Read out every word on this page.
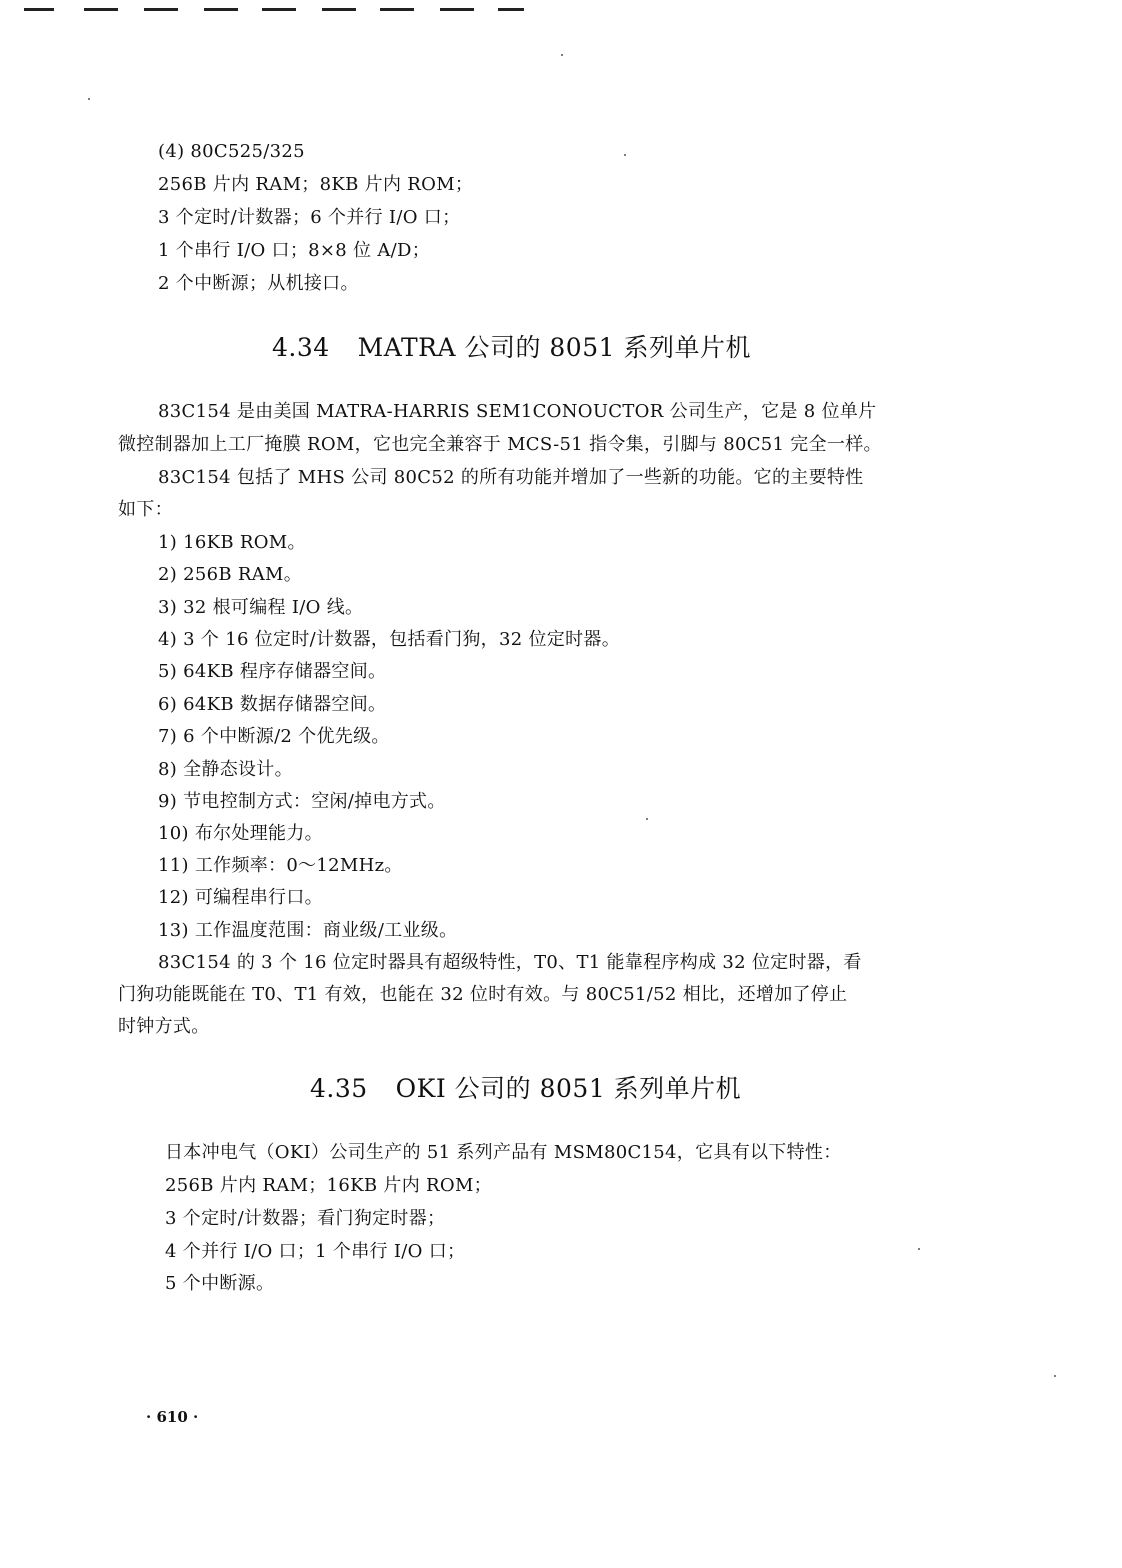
(4) 80C525/325
256B 片内 RAM；8KB 片内 ROM；
3 个定时/计数器；6 个并行 I/O 口；
1 个串行 I/O 口；8×8 位 A/D；
2 个中断源；从机接口。
4.34 MATRA 公司的 8051 系列单片机
83C154 是由美国 MATRA-HARRIS SEM1CONOUCTOR 公司生产，它是 8 位单片
微控制器加上工厂掩膜 ROM，它也完全兼容于 MCS-51 指令集，引脚与 80C51 完全一样。
83C154 包括了 MHS 公司 80C52 的所有功能并增加了一些新的功能。它的主要特性
如下：
1) 16KB ROM。
2) 256B RAM。
3) 32 根可编程 I/O 线。
4) 3 个 16 位定时/计数器，包括看门狗，32 位定时器。
5) 64KB 程序存储器空间。
6) 64KB 数据存储器空间。
7) 6 个中断源/2 个优先级。
8) 全静态设计。
9) 节电控制方式：空闲/掉电方式。
10) 布尔处理能力。
11) 工作频率：0～12MHz。
12) 可编程串行口。
13) 工作温度范围：商业级/工业级。
83C154 的 3 个 16 位定时器具有超级特性，T0、T1 能靠程序构成 32 位定时器，看
门狗功能既能在 T0、T1 有效，也能在 32 位时有效。与 80C51/52 相比，还增加了停止
时钟方式。
4.35 OKI 公司的 8051 系列单片机
日本冲电气（OKI）公司生产的 51 系列产品有 MSM80C154，它具有以下特性：
256B 片内 RAM；16KB 片内 ROM；
3 个定时/计数器；看门狗定时器；
4 个并行 I/O 口；1 个串行 I/O 口；
5 个中断源。
· 610 ·
